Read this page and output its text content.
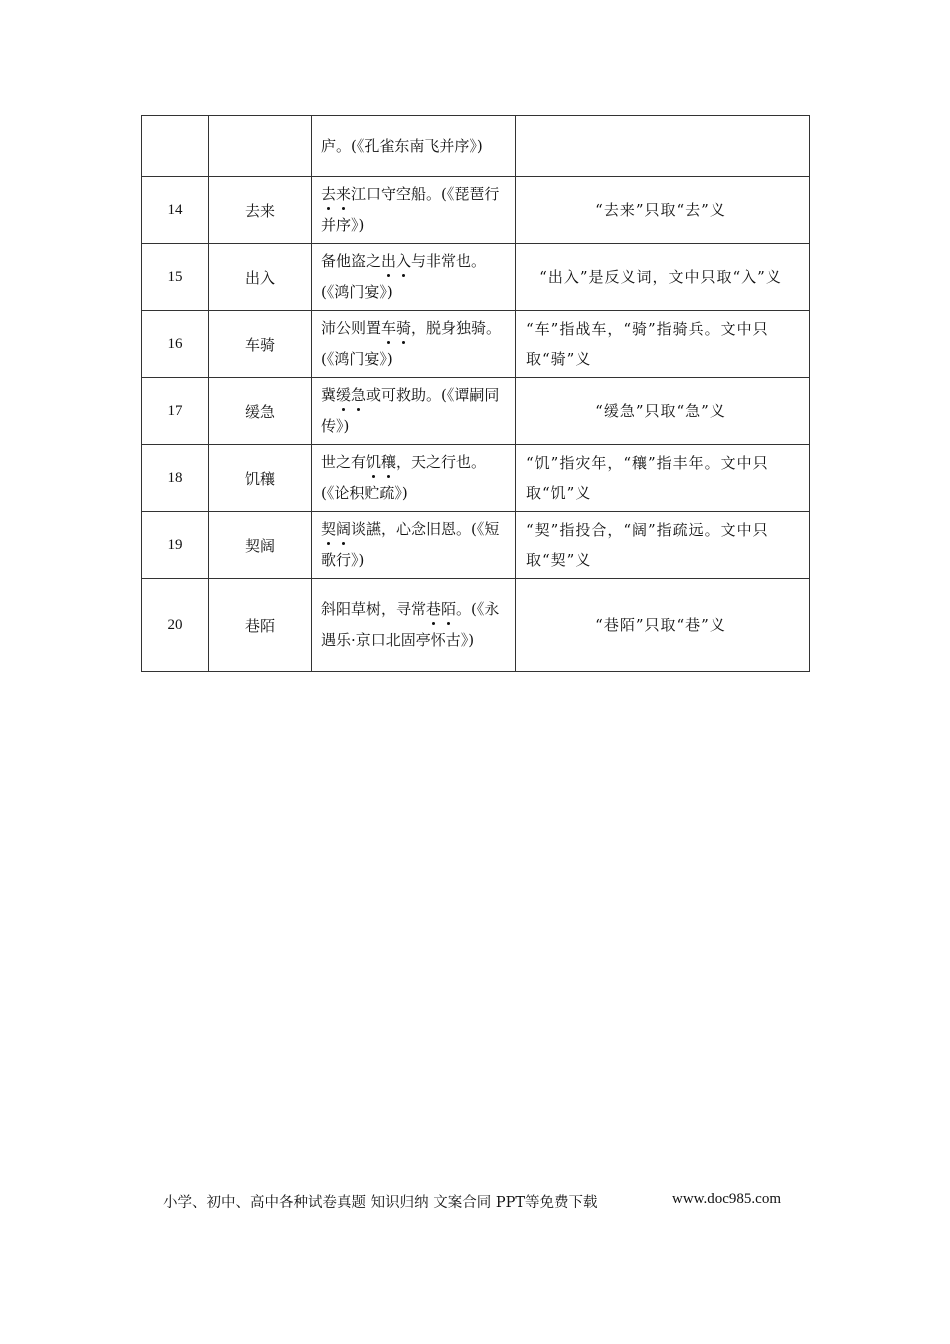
		庐。(《孔雀东南飞并序》)	
14	去来	去来江口守空船。(《琵琶行并序》)	“去来”只取“去”义
15	出入	备他盗之出入与非常也。(《鸿门宴》)	“出入”是反义词，文中只取“入”义
16	车骑	沛公则置车骑，脱身独骑。(《鸿门宴》)	“车”指战车，“骑”指骑兵。文中只取“骑”义
17	缓急	冀缓急或可救助。(《谭嗣同传》)	“缓急”只取“急”义
18	饥穰	世之有饥穰，天之行也。(《论积贮疏》)	“饥”指灾年，“穰”指丰年。文中只取“饥”义
19	契阔	契阔谈讌，心念旧恩。(《短歌行》)	“契”指投合，“阔”指疏远。文中只取“契”义
20	巷陌	斜阳草树，寻常巷陌。(《永遇乐·京口北固亭怀古》)	“巷陌”只取“巷”义
小学、初中、高中各种试卷真题 知识归纳 文案合同 PPT等免费下载	www.doc985.com
